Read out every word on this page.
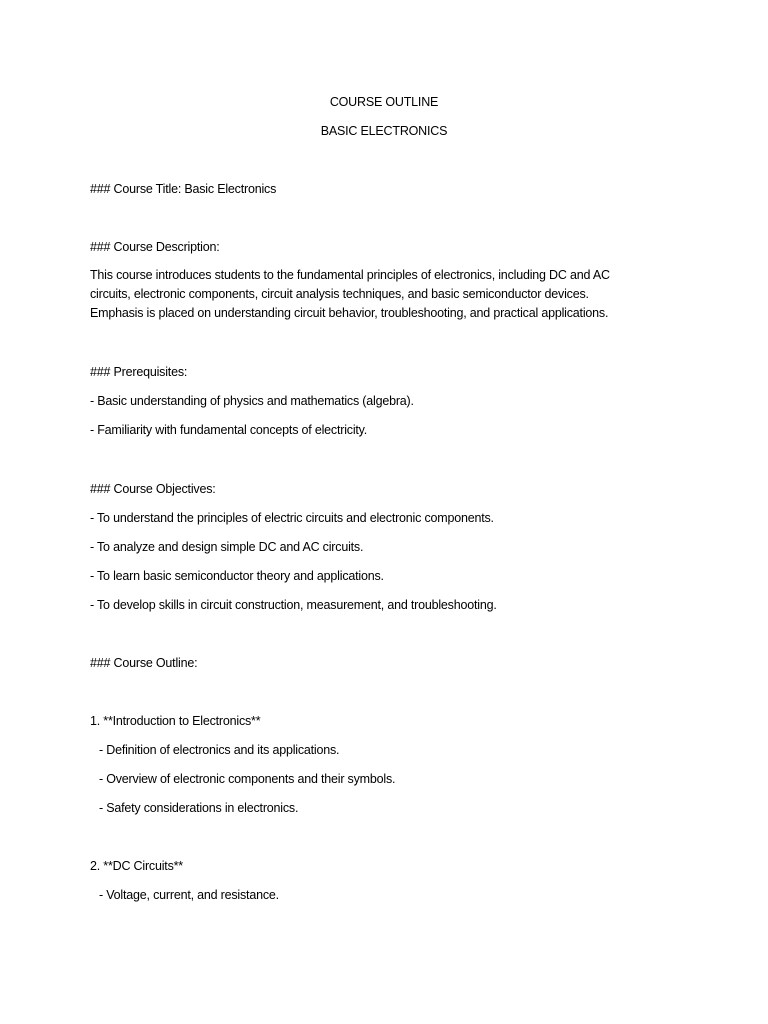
COURSE OUTLINE
BASIC ELECTRONICS
### Course Title: Basic Electronics
### Course Description:
This course introduces students to the fundamental principles of electronics, including DC and AC
circuits, electronic components, circuit analysis techniques, and basic semiconductor devices.
Emphasis is placed on understanding circuit behavior, troubleshooting, and practical applications.
### Prerequisites:
- Basic understanding of physics and mathematics (algebra).
- Familiarity with fundamental concepts of electricity.
### Course Objectives:
- To understand the principles of electric circuits and electronic components.
- To analyze and design simple DC and AC circuits.
- To learn basic semiconductor theory and applications.
- To develop skills in circuit construction, measurement, and troubleshooting.
### Course Outline:
1. **Introduction to Electronics**
- Definition of electronics and its applications.
- Overview of electronic components and their symbols.
- Safety considerations in electronics.
2. **DC Circuits**
- Voltage, current, and resistance.
